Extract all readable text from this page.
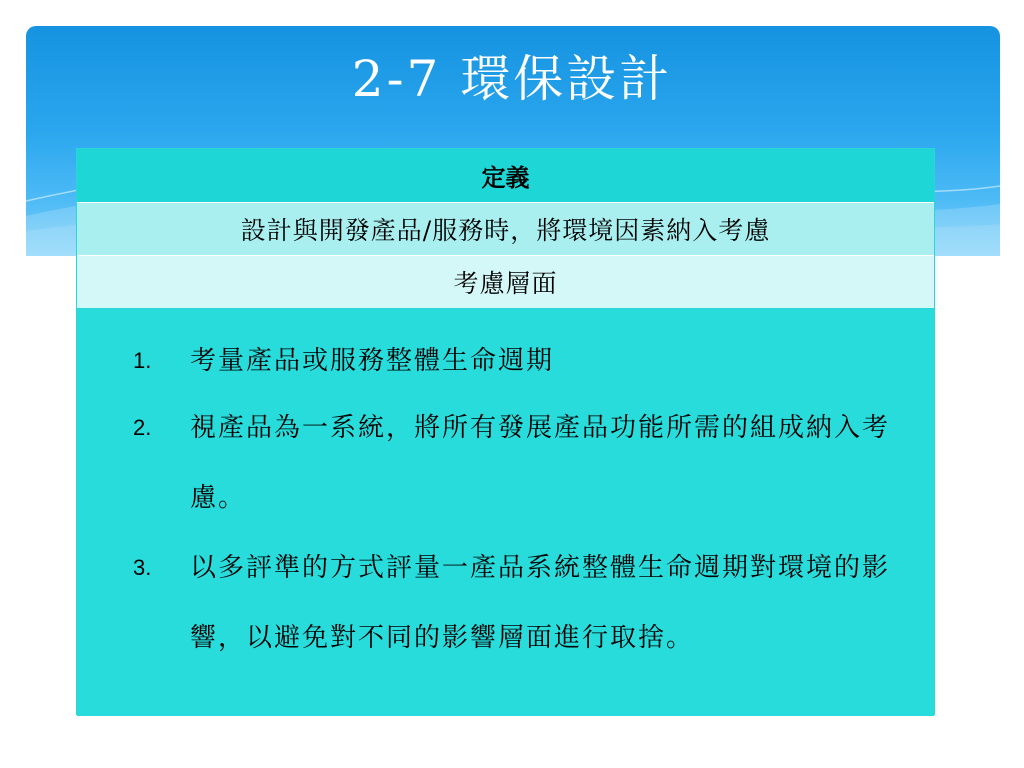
2-7 環保設計
定義
設計與開發產品/服務時，將環境因素納入考慮
考慮層面
1.	考量產品或服務整體生命週期
2.	視產品為一系統，將所有發展產品功能所需的組成納入考慮。
3.	以多評準的方式評量一產品系統整體生命週期對環境的影響，以避免對不同的影響層面進行取捨。
